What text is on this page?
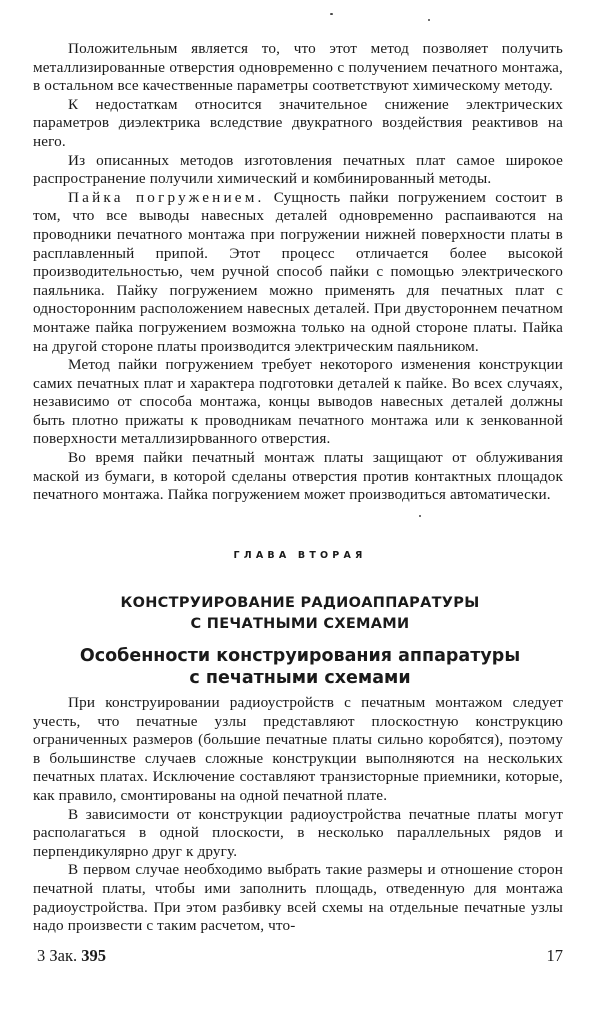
Положительным является то, что этот метод позволяет получить металлизированные отверстия одновременно с получением печатного монтажа, в остальном все качественные параметры соответствуют химическому методу.

К недостаткам относится значительное снижение электрических параметров диэлектрика вследствие двукратного воздействия реактивов на него.

Из описанных методов изготовления печатных плат самое широкое распространение получили химический и комбинированный методы.

Пайка погружением. Сущность пайки погружением состоит в том, что все выводы навесных деталей одновременно распаиваются на проводники печатного монтажа при погружении нижней поверхности платы в расплавленный припой. Этот процесс отличается более высокой производительностью, чем ручной способ пайки с помощью электрического паяльника. Пайку погружением можно применять для печатных плат с односторонним расположением навесных деталей. При двустороннем печатном монтаже пайка погружением возможна только на одной стороне платы. Пайка на другой стороне платы производится электрическим паяльником.

Метод пайки погружением требует некоторого изменения конструкции самих печатных плат и характера подготовки деталей к пайке. Во всех случаях, независимо от способа монтажа, концы выводов навесных деталей должны быть плотно прижаты к проводникам печатного монтажа или к зенкованной поверхности металлизированного отверстия.

Во время пайки печатный монтаж платы защищают от облуживания маской из бумаги, в которой сделаны отверстия против контактных площадок печатного монтажа. Пайка погружением может производиться автоматически.

ГЛАВА ВТОРАЯ
КОНСТРУИРОВАНИЕ РАДИОАППАРАТУРЫ
С ПЕЧАТНЫМИ СХЕМАМИ
Особенности конструирования аппаратуры
с печатными схемами

При конструировании радиоустройств с печатным монтажом следует учесть, что печатные узлы представляют плоскостную конструкцию ограниченных размеров (большие печатные платы сильно коробятся), поэтому в большинстве случаев сложные конструкции выполняются на нескольких печатных платах. Исключение составляют транзисторные приемники, которые, как правило, смонтированы на одной печатной плате.

В зависимости от конструкции радиоустройства печатные платы могут располагаться в одной плоскости, в несколько параллельных рядов и перпендикулярно друг к другу.

В первом случае необходимо выбрать такие размеры и отношение сторон печатной платы, чтобы ими заполнить площадь, отведенную для монтажа радиоустройства. При этом разбивку всей схемы на отдельные печатные узлы надо произвести с таким расчетом, что-

3 Зак. 395	17
